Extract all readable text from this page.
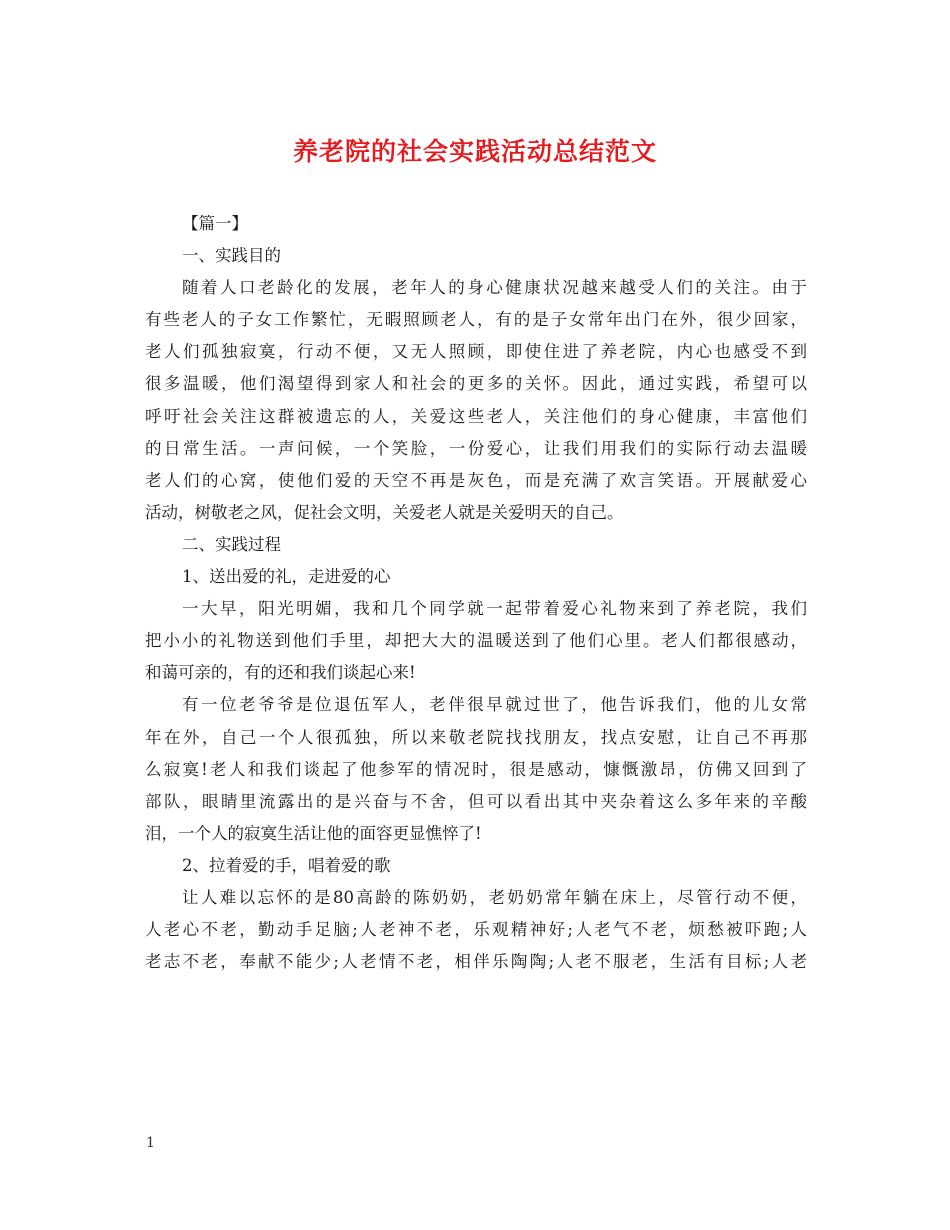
养老院的社会实践活动总结范文

【篇一】

一、实践目的

随着人口老龄化的发展，老年人的身心健康状况越来越受人们的关注。由于

有些老人的子女工作繁忙，无暇照顾老人，有的是子女常年出门在外，很少回家，

老人们孤独寂寞，行动不便，又无人照顾，即使住进了养老院，内心也感受不到

很多温暖，他们渴望得到家人和社会的更多的关怀。因此，通过实践，希望可以

呼吁社会关注这群被遗忘的人，关爱这些老人，关注他们的身心健康，丰富他们

的日常生活。一声问候，一个笑脸，一份爱心，让我们用我们的实际行动去温暖

老人们的心窝，使他们爱的天空不再是灰色，而是充满了欢言笑语。开展献爱心

活动，树敬老之风，促社会文明，关爱老人就是关爱明天的自己。

二、实践过程

1、送出爱的礼，走进爱的心

一大早，阳光明媚，我和几个同学就一起带着爱心礼物来到了养老院，我们

把小小的礼物送到他们手里，却把大大的温暖送到了他们心里。老人们都很感动，

和蔼可亲的，有的还和我们谈起心来!

有一位老爷爷是位退伍军人，老伴很早就过世了，他告诉我们，他的儿女常

年在外，自己一个人很孤独，所以来敬老院找找朋友，找点安慰，让自己不再那

么寂寞!老人和我们谈起了他参军的情况时，很是感动，慷慨激昂，仿佛又回到了

部队，眼睛里流露出的是兴奋与不舍，但可以看出其中夹杂着这么多年来的辛酸

泪，一个人的寂寞生活让他的面容更显憔悴了!

2、拉着爱的手，唱着爱的歌

让人难以忘怀的是80高龄的陈奶奶，老奶奶常年躺在床上，尽管行动不便，

人老心不老，勤动手足脑;人老神不老，乐观精神好;人老气不老，烦愁被吓跑;人

老志不老，奉献不能少;人老情不老，相伴乐陶陶;人老不服老，生活有目标;人老

1
